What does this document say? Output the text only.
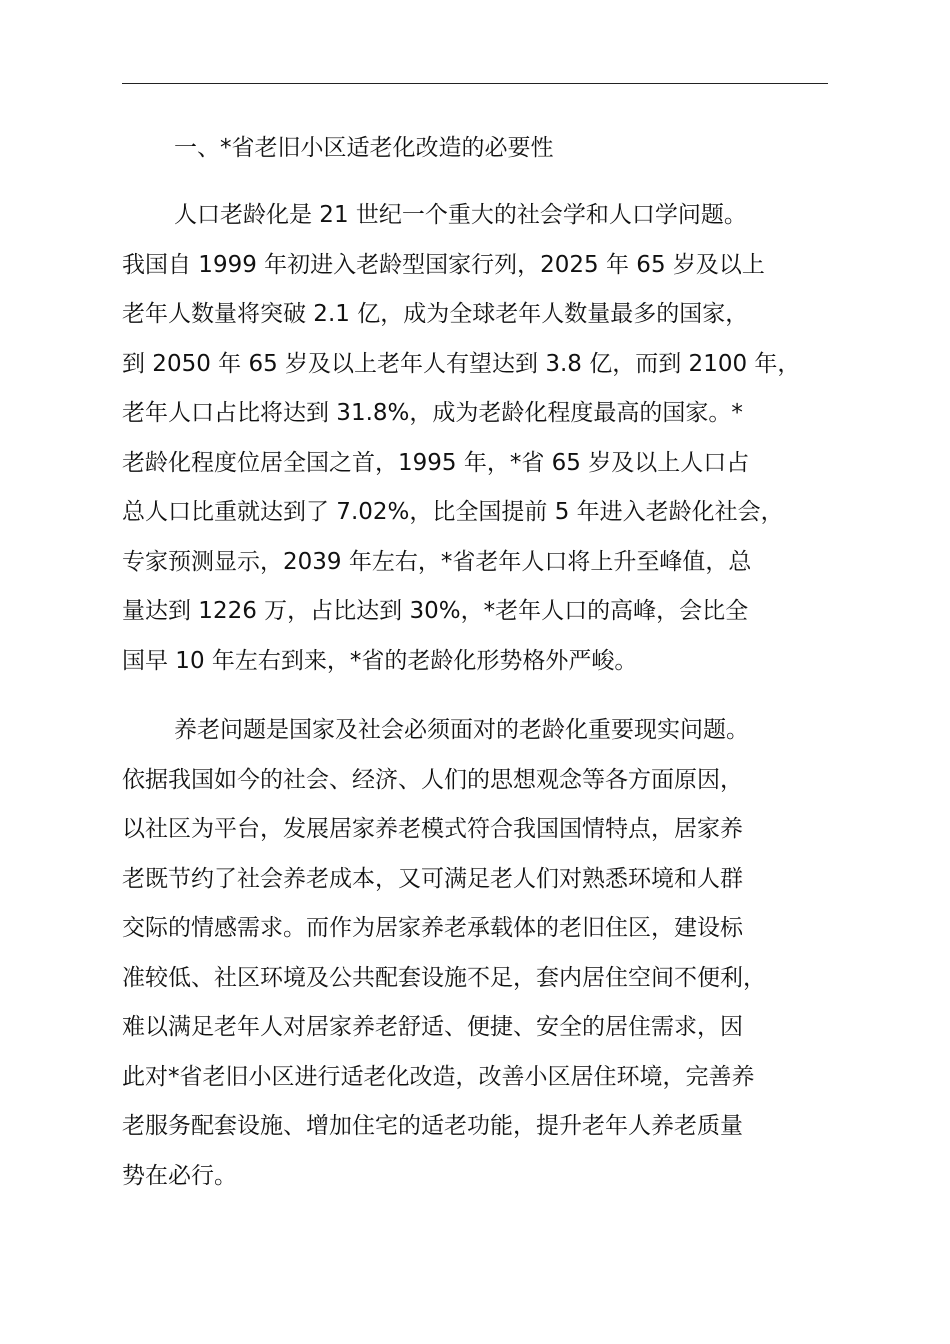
一、*省老旧小区适老化改造的必要性
人口老龄化是 21 世纪一个重大的社会学和人口学问题。
我国自 1999 年初进入老龄型国家行列，2025 年 65 岁及以上
老年人数量将突破 2.1 亿，成为全球老年人数量最多的国家，
到 2050 年 65 岁及以上老年人有望达到 3.8 亿，而到 2100 年，
老年人口占比将达到 31.8%，成为老龄化程度最高的国家。*
老龄化程度位居全国之首，1995 年，*省 65 岁及以上人口占
总人口比重就达到了 7.02%，比全国提前 5 年进入老龄化社会，
专家预测显示，2039 年左右，*省老年人口将上升至峰值，总
量达到 1226 万，占比达到 30%，*老年人口的高峰，会比全
国早 10 年左右到来，*省的老龄化形势格外严峻。
养老问题是国家及社会必须面对的老龄化重要现实问题。
依据我国如今的社会、经济、人们的思想观念等各方面原因，
以社区为平台，发展居家养老模式符合我国国情特点，居家养
老既节约了社会养老成本，又可满足老人们对熟悉环境和人群
交际的情感需求。而作为居家养老承载体的老旧住区，建设标
准较低、社区环境及公共配套设施不足，套内居住空间不便利，
难以满足老年人对居家养老舒适、便捷、安全的居住需求，因
此对*省老旧小区进行适老化改造，改善小区居住环境，完善养
老服务配套设施、增加住宅的适老功能，提升老年人养老质量
势在必行。
